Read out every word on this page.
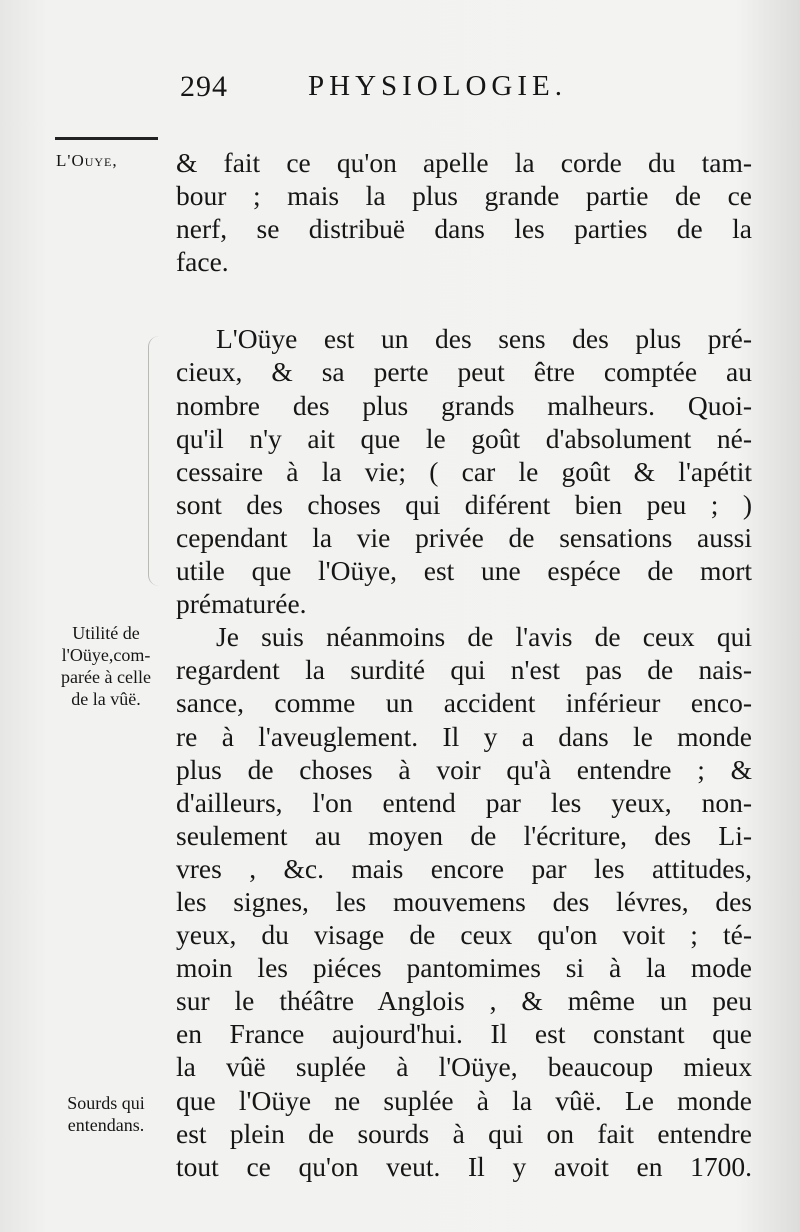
294	PHYSIOLOGIE.
L'Ouye,
Utilité de
l'Oüye,com-
parée à celle
de la vûë.
Sourds qui
entendans.

& fait ce qu'on apelle la corde du tam-

bour ; mais la plus grande partie de ce

nerf, se distribuë dans les parties de la

face.

L'Oüye est un des sens des plus pré-

cieux, & sa perte peut être comptée au

nombre des plus grands malheurs. Quoi-

qu'il n'y ait que le goût d'absolument né-

cessaire à la vie; ( car le goût & l'apétit

sont des choses qui diférent bien peu ; )

cependant la vie privée de sensations aussi

utile que l'Oüye, est une espéce de mort

prématurée.

Je suis néanmoins de l'avis de ceux qui

regardent la surdité qui n'est pas de nais-

sance, comme un accident inférieur enco-

re à l'aveuglement. Il y a dans le monde

plus de choses à voir qu'à entendre ; &

d'ailleurs, l'on entend par les yeux, non-

seulement au moyen de l'écriture, des Li-

vres , &c. mais encore par les attitudes,

les signes, les mouvemens des lévres, des

yeux, du visage de ceux qu'on voit ; té-

moin les piéces pantomimes si à la mode

sur le théâtre Anglois , & même un peu

en France aujourd'hui. Il est constant que

la vûë suplée à l'Oüye, beaucoup mieux

que l'Oüye ne suplée à la vûë. Le monde

est plein de sourds à qui on fait entendre

tout ce qu'on veut. Il y avoit en 1700.
